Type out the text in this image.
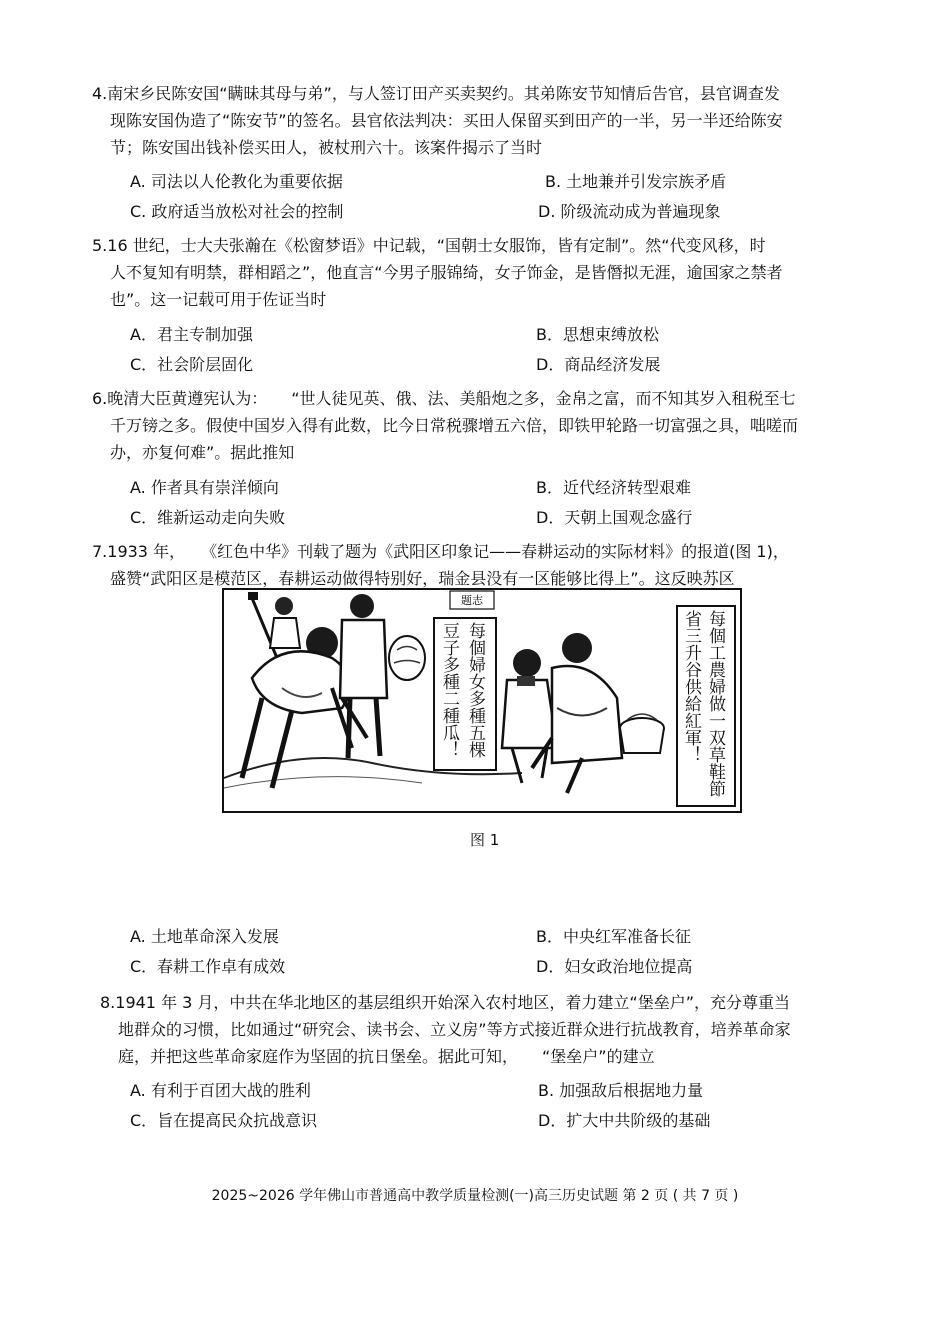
4.南宋乡民陈安国“瞒昧其母与弟”，与人签订田产买卖契约。其弟陈安节知情后告官，县官调查发
现陈安国伪造了“陈安节”的签名。县官依法判决：买田人保留买到田产的一半，另一半还给陈安
节；陈安国出钱补偿买田人，被杖刑六十。该案件揭示了当时
A. 司法以人伦教化为重要依据	B. 土地兼并引发宗族矛盾
C. 政府适当放松对社会的控制	D. 阶级流动成为普遍现象
5.16 世纪，士大夫张瀚在《松窗梦语》中记载，“国朝士女服饰，皆有定制”。然“代变风移，时
人不复知有明禁，群相蹈之”，他直言“今男子服锦绮，女子饰金，是皆僭拟无涯，逾国家之禁者
也”。这一记载可用于佐证当时
A．君主专制加强	B．思想束缚放松
C．社会阶层固化	D．商品经济发展
6.晚清大臣黄遵宪认为：　　“世人徒见英、俄、法、美船炮之多，金帛之富，而不知其岁入租税至七
千万镑之多。假使中国岁入得有此数，比今日常税骤增五六倍，即铁甲轮路一切富强之具，咄嗟而
办，亦复何难”。据此推知
A. 作者具有崇洋倾向	B．近代经济转型艰难
C．维新运动走向失败	D．天朝上国观念盛行
7.1933 年，　　《红色中华》刊载了题为《武阳区印象记——春耕运动的实际材料》的报道(图 1)，
盛赞“武阳区是模范区，春耕运动做得特别好，瑞金县没有一区能够比得上”。这反映苏区
题志
每個婦女多種五棵豆子多種二種瓜！	每個工農婦做一双草鞋節省三升谷供給紅軍！
图 1
A. 土地革命深入发展	B．中央红军准备长征
C．春耕工作卓有成效	D．妇女政治地位提高
8.1941 年 3 月，中共在华北地区的基层组织开始深入农村地区，着力建立“堡垒户”，充分尊重当
地群众的习惯，比如通过“研究会、读书会、立义房”等方式接近群众进行抗战教育，培养革命家
庭，并把这些革命家庭作为坚固的抗日堡垒。据此可知，　　“堡垒户”的建立
A. 有利于百团大战的胜利	B. 加强敌后根据地力量
C．旨在提高民众抗战意识	D．扩大中共阶级的基础
2025~2026 学年佛山市普通高中教学质量检测(一)高三历史试题 第 2 页 ( 共 7 页 )
